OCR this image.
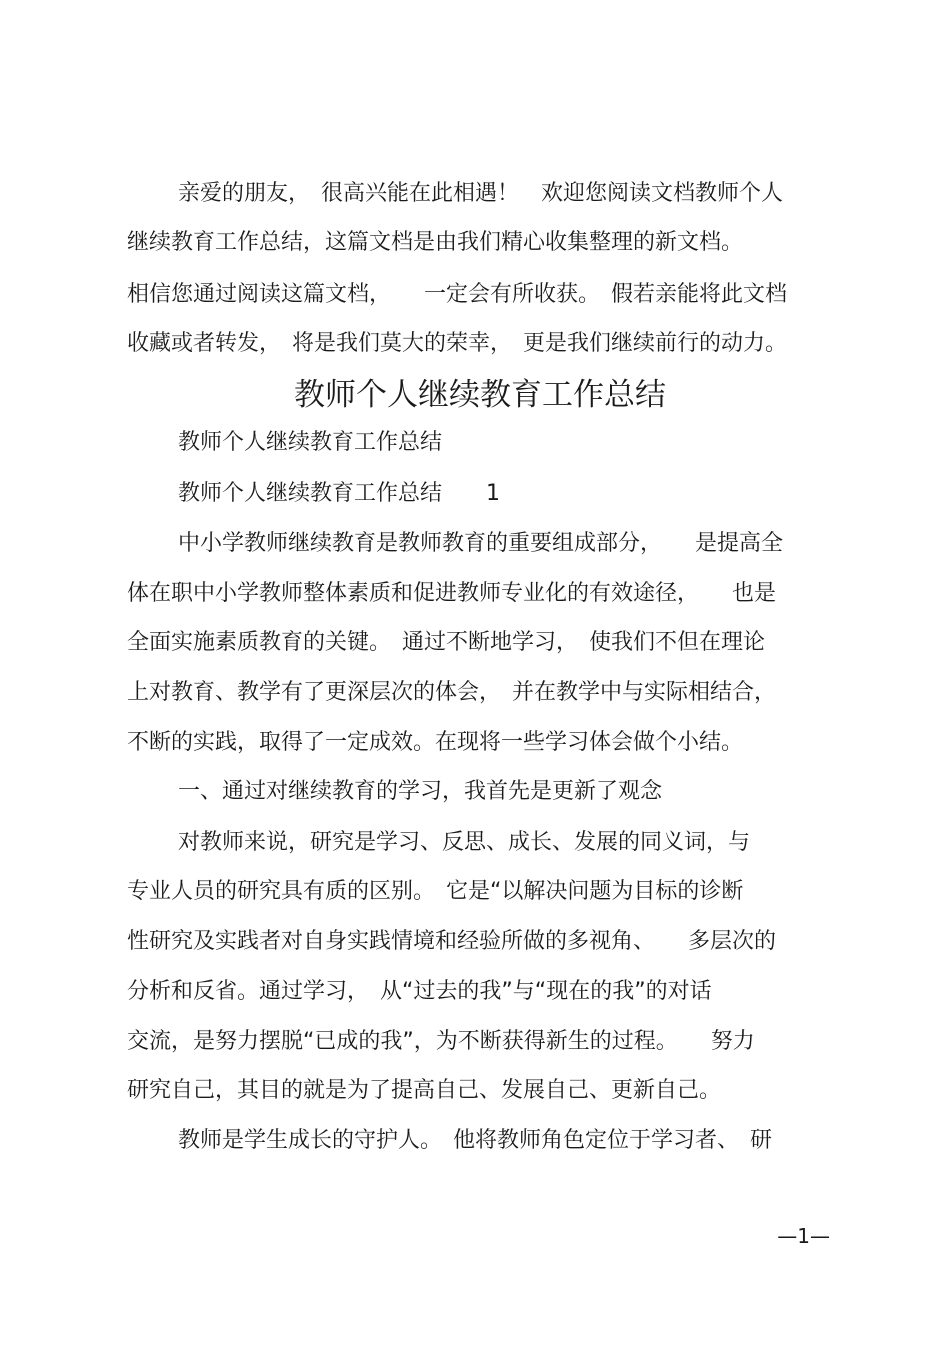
亲爱的朋友，　很高兴能在此相遇！　欢迎您阅读文档教师个人
继续教育工作总结，这篇文档是由我们精心收集整理的新文档。
相信您通过阅读这篇文档，　　一定会有所收获。　假若亲能将此文档
收藏或者转发，　将是我们莫大的荣幸，　更是我们继续前行的动力。
教师个人继续教育工作总结
教师个人继续教育工作总结
教师个人继续教育工作总结　　1
中小学教师继续教育是教师教育的重要组成部分，　　是提高全
体在职中小学教师整体素质和促进教师专业化的有效途径，　　也是
全面实施素质教育的关键。　通过不断地学习，　使我们不但在理论
上对教育、教学有了更深层次的体会，　并在教学中与实际相结合，
不断的实践，取得了一定成效。在现将一些学习体会做个小结。
一、通过对继续教育的学习，我首先是更新了观念
对教师来说，研究是学习、反思、成长、发展的同义词，与
专业人员的研究具有质的区别。　它是“以解决问题为目标的诊断
性研究及实践者对自身实践情境和经验所做的多视角、　　多层次的
分析和反省。通过学习，　从“过去的我”与“现在的我”的对话
交流，是努力摆脱“已成的我”，为不断获得新生的过程。　　努力
研究自己，其目的就是为了提高自己、发展自己、更新自己。
教师是学生成长的守护人。　他将教师角色定位于学习者、　研
—1—
